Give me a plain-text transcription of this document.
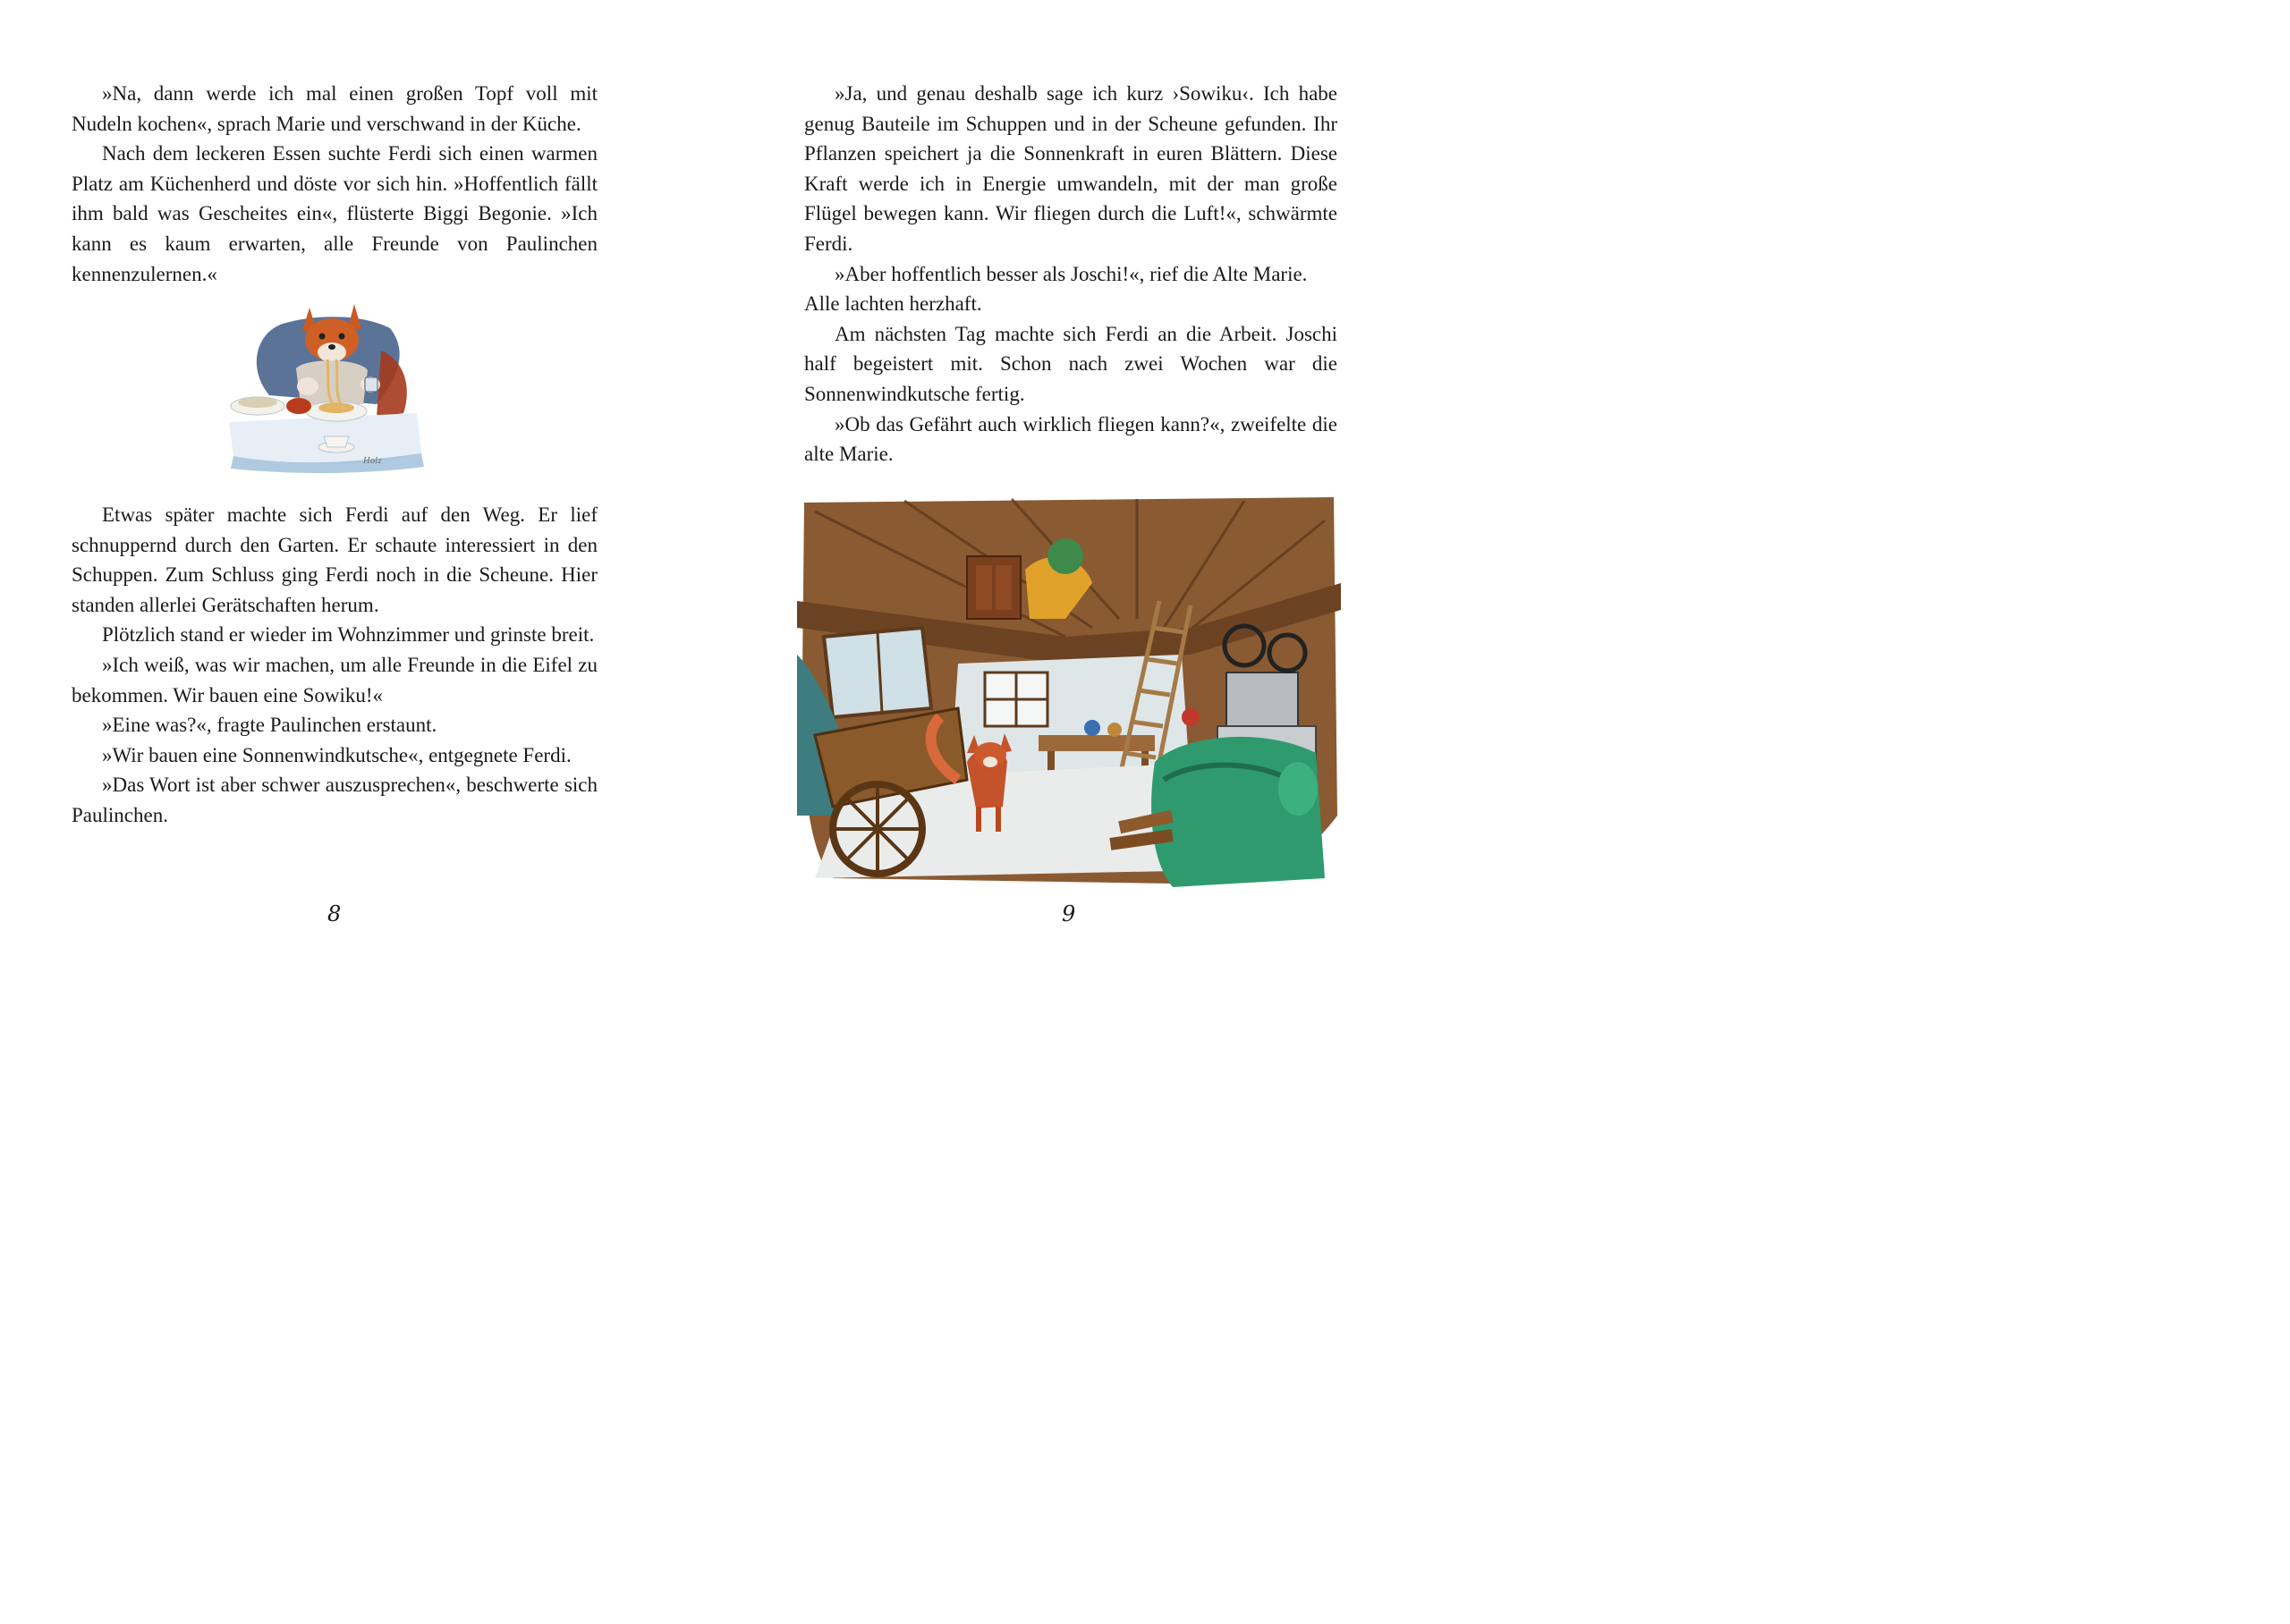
»Na, dann werde ich mal einen großen Topf voll mit Nudeln kochen«, sprach Marie und verschwand in der Küche.

Nach dem leckeren Essen suchte Ferdi sich einen warmen Platz am Küchenherd und döste vor sich hin. »Hoffentlich fällt ihm bald was Gescheites ein«, flüsterte Biggi Begonie. »Ich kann es kaum erwarten, alle Freunde von Paulinchen kennenzulernen.«

Holz

Etwas später machte sich Ferdi auf den Weg. Er lief schnuppernd durch den Garten. Er schaute interessiert in den Schuppen. Zum Schluss ging Ferdi noch in die Scheune. Hier standen allerlei Gerätschaften herum.

Plötzlich stand er wieder im Wohnzimmer und grinste breit.

»Ich weiß, was wir machen, um alle Freunde in die Eifel zu bekommen. Wir bauen eine Sowiku!«

»Eine was?«, fragte Paulinchen erstaunt.

»Wir bauen eine Sonnenwindkutsche«, entgegnete Ferdi.

»Das Wort ist aber schwer auszusprechen«, beschwerte sich Paulinchen.

8

»Ja, und genau deshalb sage ich kurz ›Sowiku‹. Ich habe genug Bauteile im Schuppen und in der Scheune gefunden. Ihr Pflanzen speichert ja die Sonnenkraft in euren Blättern. Diese Kraft werde ich in Energie umwandeln, mit der man große Flügel bewegen kann. Wir fliegen durch die Luft!«, schwärmte Ferdi.

»Aber hoffentlich besser als Joschi!«, rief die Alte Marie.

Alle lachten herzhaft.

Am nächsten Tag machte sich Ferdi an die Arbeit. Joschi half begeistert mit. Schon nach zwei Wochen war die Sonnenwindkutsche fertig.

»Ob das Gefährt auch wirklich fliegen kann?«, zweifelte die alte Marie.

9
